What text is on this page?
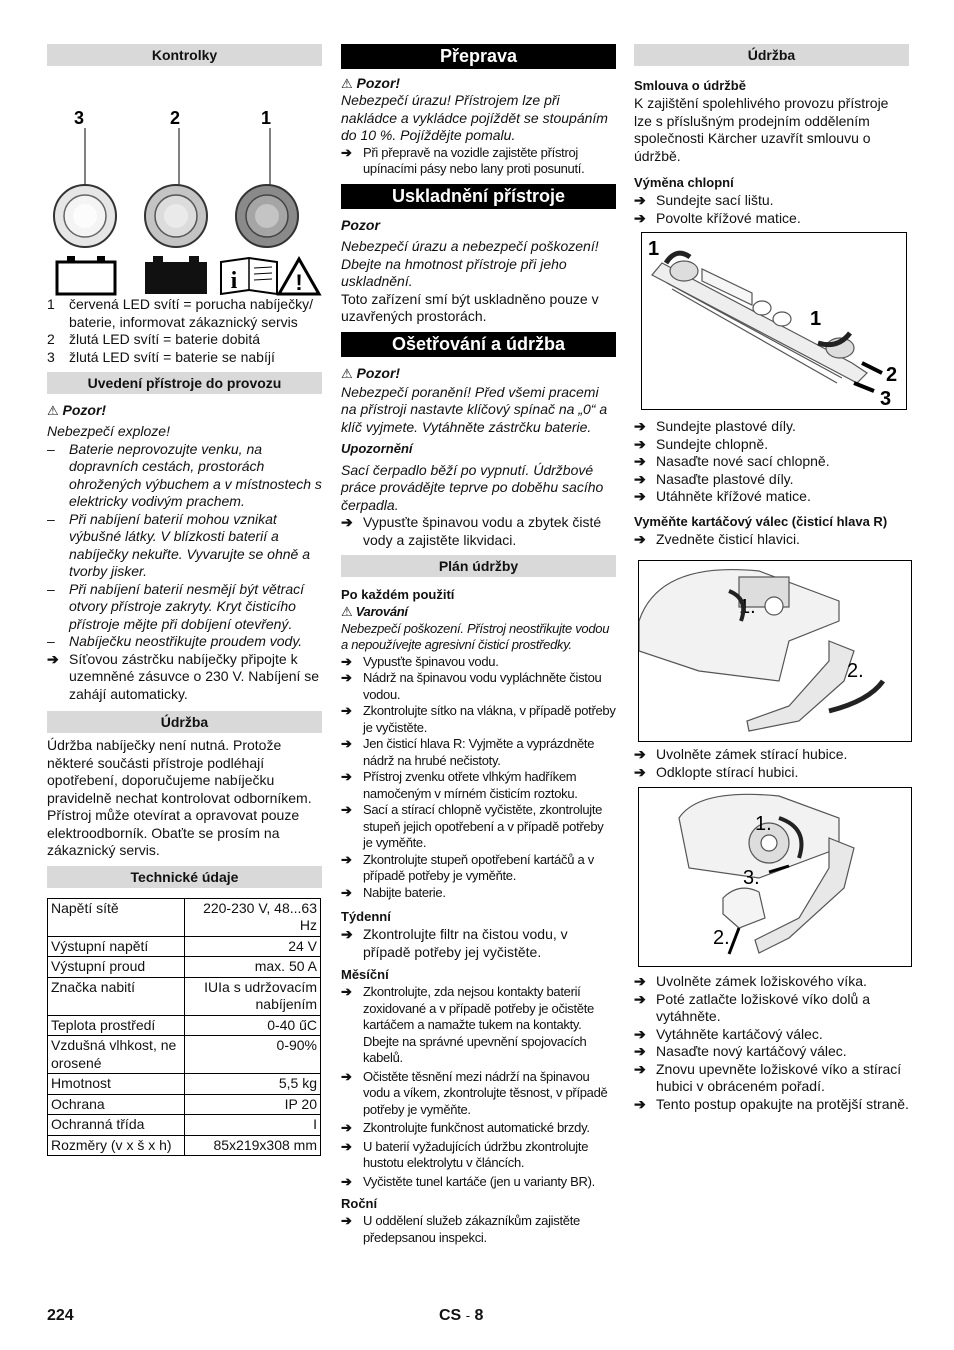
Kontrolky
3	2	1
i	!
1 červená LED svítí = porucha nabíječky/ baterie, informovat zákaznický servis
2 žlutá LED svítí = baterie dobitá
3 žlutá LED svítí = baterie se nabíjí
Uvedení přístroje do provozu
⚠ Pozor!

Nebezpečí exploze!

– Baterie neprovozujte venku, na dopravních cestách, prostorách ohrožených výbuchem a v místnostech s elektricky vodivým prachem.
– Při nabíjení baterií mohou vznikat výbušné látky. V blízkosti baterií a nabíječky nekuřte. Vyvarujte se ohně a tvorby jisker.
– Při nabíjení baterií nesmějí být větrací otvory přístroje zakryty. Kryt čisticího přístroje mějte při dobíjení otevřený.
– Nabíječku neostřikujte proudem vody.
➔ Síťovou zástrčku nabíječky připojte k uzemněné zásuvce o 230 V. Nabíjení se zahájí automaticky.
Údržba

Údržba nabíječky není nutná. Protože některé součásti přístroje podléhají opotřebení, doporučujeme nabíječku pravidelně nechat kontrolovat odborníkem. Přístroj může otevírat a opravovat pouze elektroodborník. Obaťte se prosím na zákaznický servis.

Technické údaje
Napětí sítě	220-230 V, 48...63 Hz
Výstupní napětí	24 V
Výstupní proud	max. 50 A
Značka nabití	IUIa s udržovacím nabíjením
Teplota prostředí	0-40 űC
Vzdušná vlhkost, ne orosené	0-90%
Hmotnost	5,5 kg
Ochrana	IP 20
Ochranná třída	I
Rozměry (v x š x h)	85x219x308 mm
Přeprava
⚠ Pozor!

Nebezpečí úrazu! Přístrojem lze při nakládce a vykládce pojíždět se stoupáním do 10 %. Pojíždějte pomalu.

➔ Při přepravě na vozidle zajistěte přístroj upínacími pásy nebo lany proti posunutí.
Uskladnění přístroje

Pozor

Nebezpečí úrazu a nebezpečí poškození! Dbejte na hmotnost přístroje při jeho uskladnění.

Toto zařízení smí být uskladněno pouze v uzavřených prostorách.

Ošetřování a údržba
⚠ Pozor!

Nebezpečí poranění! Před všemi pracemi na přístroji nastavte klíčový spínač na „0“ a klíč vyjmete. Vytáhněte zástrčku baterie.

Upozornění

Sací čerpadlo běží po vypnutí. Údržbové práce provádějte teprve po doběhu sacího čerpadla.

➔ Vypusťte špinavou vodu a zbytek čisté vody a zajistěte likvidaci.
Plán údržby
Po každém použití

⚠ Varování

Nebezpečí poškození. Přístroj neostřikujte vodou a nepoužívejte agresivní čisticí prostředky.

➔ Vypusťte špinavou vodu.
➔ Nádrž na špinavou vodu vypláchněte čistou vodou.
➔ Zkontrolujte sítko na vlákna, v případě potřeby je vyčistěte.
➔ Jen čisticí hlava R: Vyjměte a vyprázdněte nádrž na hrubé nečistoty.
➔ Přístroj zvenku otřete vlhkým hadříkem namočeným v mírném čisticím roztoku.
➔ Sací a stírací chlopně vyčistěte, zkontrolujte stupeň jejich opotřebení a v případě potřeby je vyměňte.
➔ Zkontrolujte stupeň opotřebení kartáčů a v případě potřeby je vyměňte.
➔ Nabijte baterie.
Týdenní
➔ Zkontrolujte filtr na čistou vodu, v případě potřeby jej vyčistěte.
Měsíční
➔ Zkontrolujte, zda nejsou kontakty baterií zoxidované a v případě potřeby je očistěte kartáčem a namažte tukem na kontakty. Dbejte na správné upevnění spojovacích kabelů.
➔ Očistěte těsnění mezi nádrží na špinavou vodu a víkem, zkontrolujte těsnost, v případě potřeby je vyměňte.
➔ Zkontrolujte funkčnost automatické brzdy.
➔ U baterií vyžadujících údržbu zkontrolujte hustotu elektrolytu v článcích.
➔ Vyčistěte tunel kartáče (jen u varianty BR).
Roční
➔ U oddělení služeb zákazníkům zajistěte předepsanou inspekci.
Údržba
Smlouva o údržbě

K zajištění spolehlivého provozu přístroje lze s příslušným prodejním oddělením společnosti Kärcher uzavřít smlouvu o údržbě.

Výměna chlopní
➔ Sundejte sací lištu.
➔ Povolte křížové matice.
1
1
2
3
➔ Sundejte plastové díly.
➔ Sundejte chlopně.
➔ Nasaďte nové sací chlopně.
➔ Nasaďte plastové díly.
➔ Utáhněte křížové matice.
Vyměňte kartáčový válec (čisticí hlava R)
➔ Zvedněte čisticí hlavici.
1.
2.
➔ Uvolněte zámek stírací hubice.
➔ Odklopte stírací hubici.
1.
3.
2.
➔ Uvolněte zámek ložiskového víka.
➔ Poté zatlačte ložiskové víko dolů a vytáhněte.
➔ Vytáhněte kartáčový válec.
➔ Nasaďte nový kartáčový válec.
➔ Znovu upevněte ložiskové víko a stírací hubici v obráceném pořadí.
➔ Tento postup opakujte na protější straně.
224	CS - 8
